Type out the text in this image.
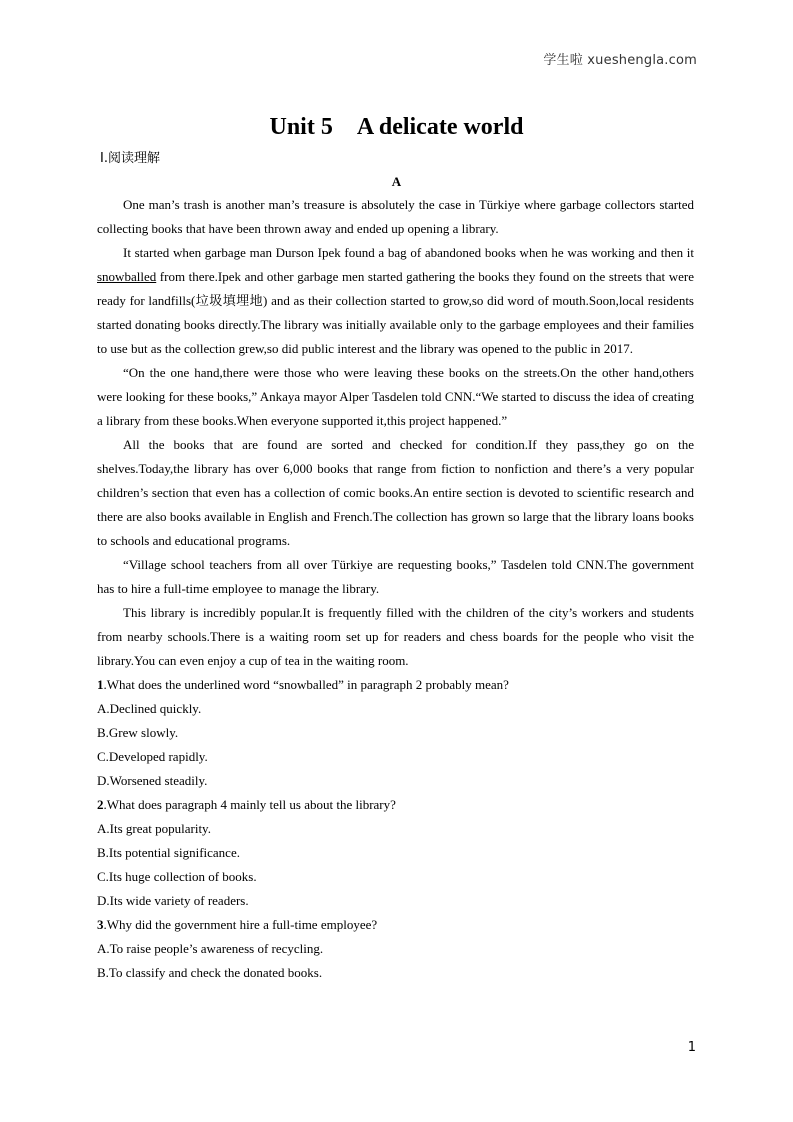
学生啦 xueshengla.com
Unit 5　A delicate world
Ⅰ.阅读理解
A

One man’s trash is another man’s treasure is absolutely the case in Türkiye where garbage collectors started collecting books that have been thrown away and ended up opening a library.

It started when garbage man Durson Ipek found a bag of abandoned books when he was working and then it snowballed from there.Ipek and other garbage men started gathering the books they found on the streets that were ready for landfills(垃圾填埋地) and as their collection started to grow,so did word of mouth.Soon,local residents started donating books directly.The library was initially available only to the garbage employees and their families to use but as the collection grew,so did public interest and the library was opened to the public in 2017.

“On the one hand,there were those who were leaving these books on the streets.On the other hand,others were looking for these books,” Ankaya mayor Alper Tasdelen told CNN.“We started to discuss the idea of creating a library from these books.When everyone supported it,this project happened.”

All the books that are found are sorted and checked for condition.If they pass,they go on the shelves.Today,the library has over 6,000 books that range from fiction to nonfiction and there’s a very popular children’s section that even has a collection of comic books.An entire section is devoted to scientific research and there are also books available in English and French.The collection has grown so large that the library loans books to schools and educational programs.

“Village school teachers from all over Türkiye are requesting books,” Tasdelen told CNN.The government has to hire a full-time employee to manage the library.

This library is incredibly popular.It is frequently filled with the children of the city’s workers and students from nearby schools.There is a waiting room set up for readers and chess boards for the people who visit the library.You can even enjoy a cup of tea in the waiting room.

1.What does the underlined word “snowballed” in paragraph 2 probably mean?

A.Declined quickly.

B.Grew slowly.

C.Developed rapidly.

D.Worsened steadily.

2.What does paragraph 4 mainly tell us about the library?

A.Its great popularity.

B.Its potential significance.

C.Its huge collection of books.

D.Its wide variety of readers.

3.Why did the government hire a full-time employee?

A.To raise people’s awareness of recycling.

B.To classify and check the donated books.

1
